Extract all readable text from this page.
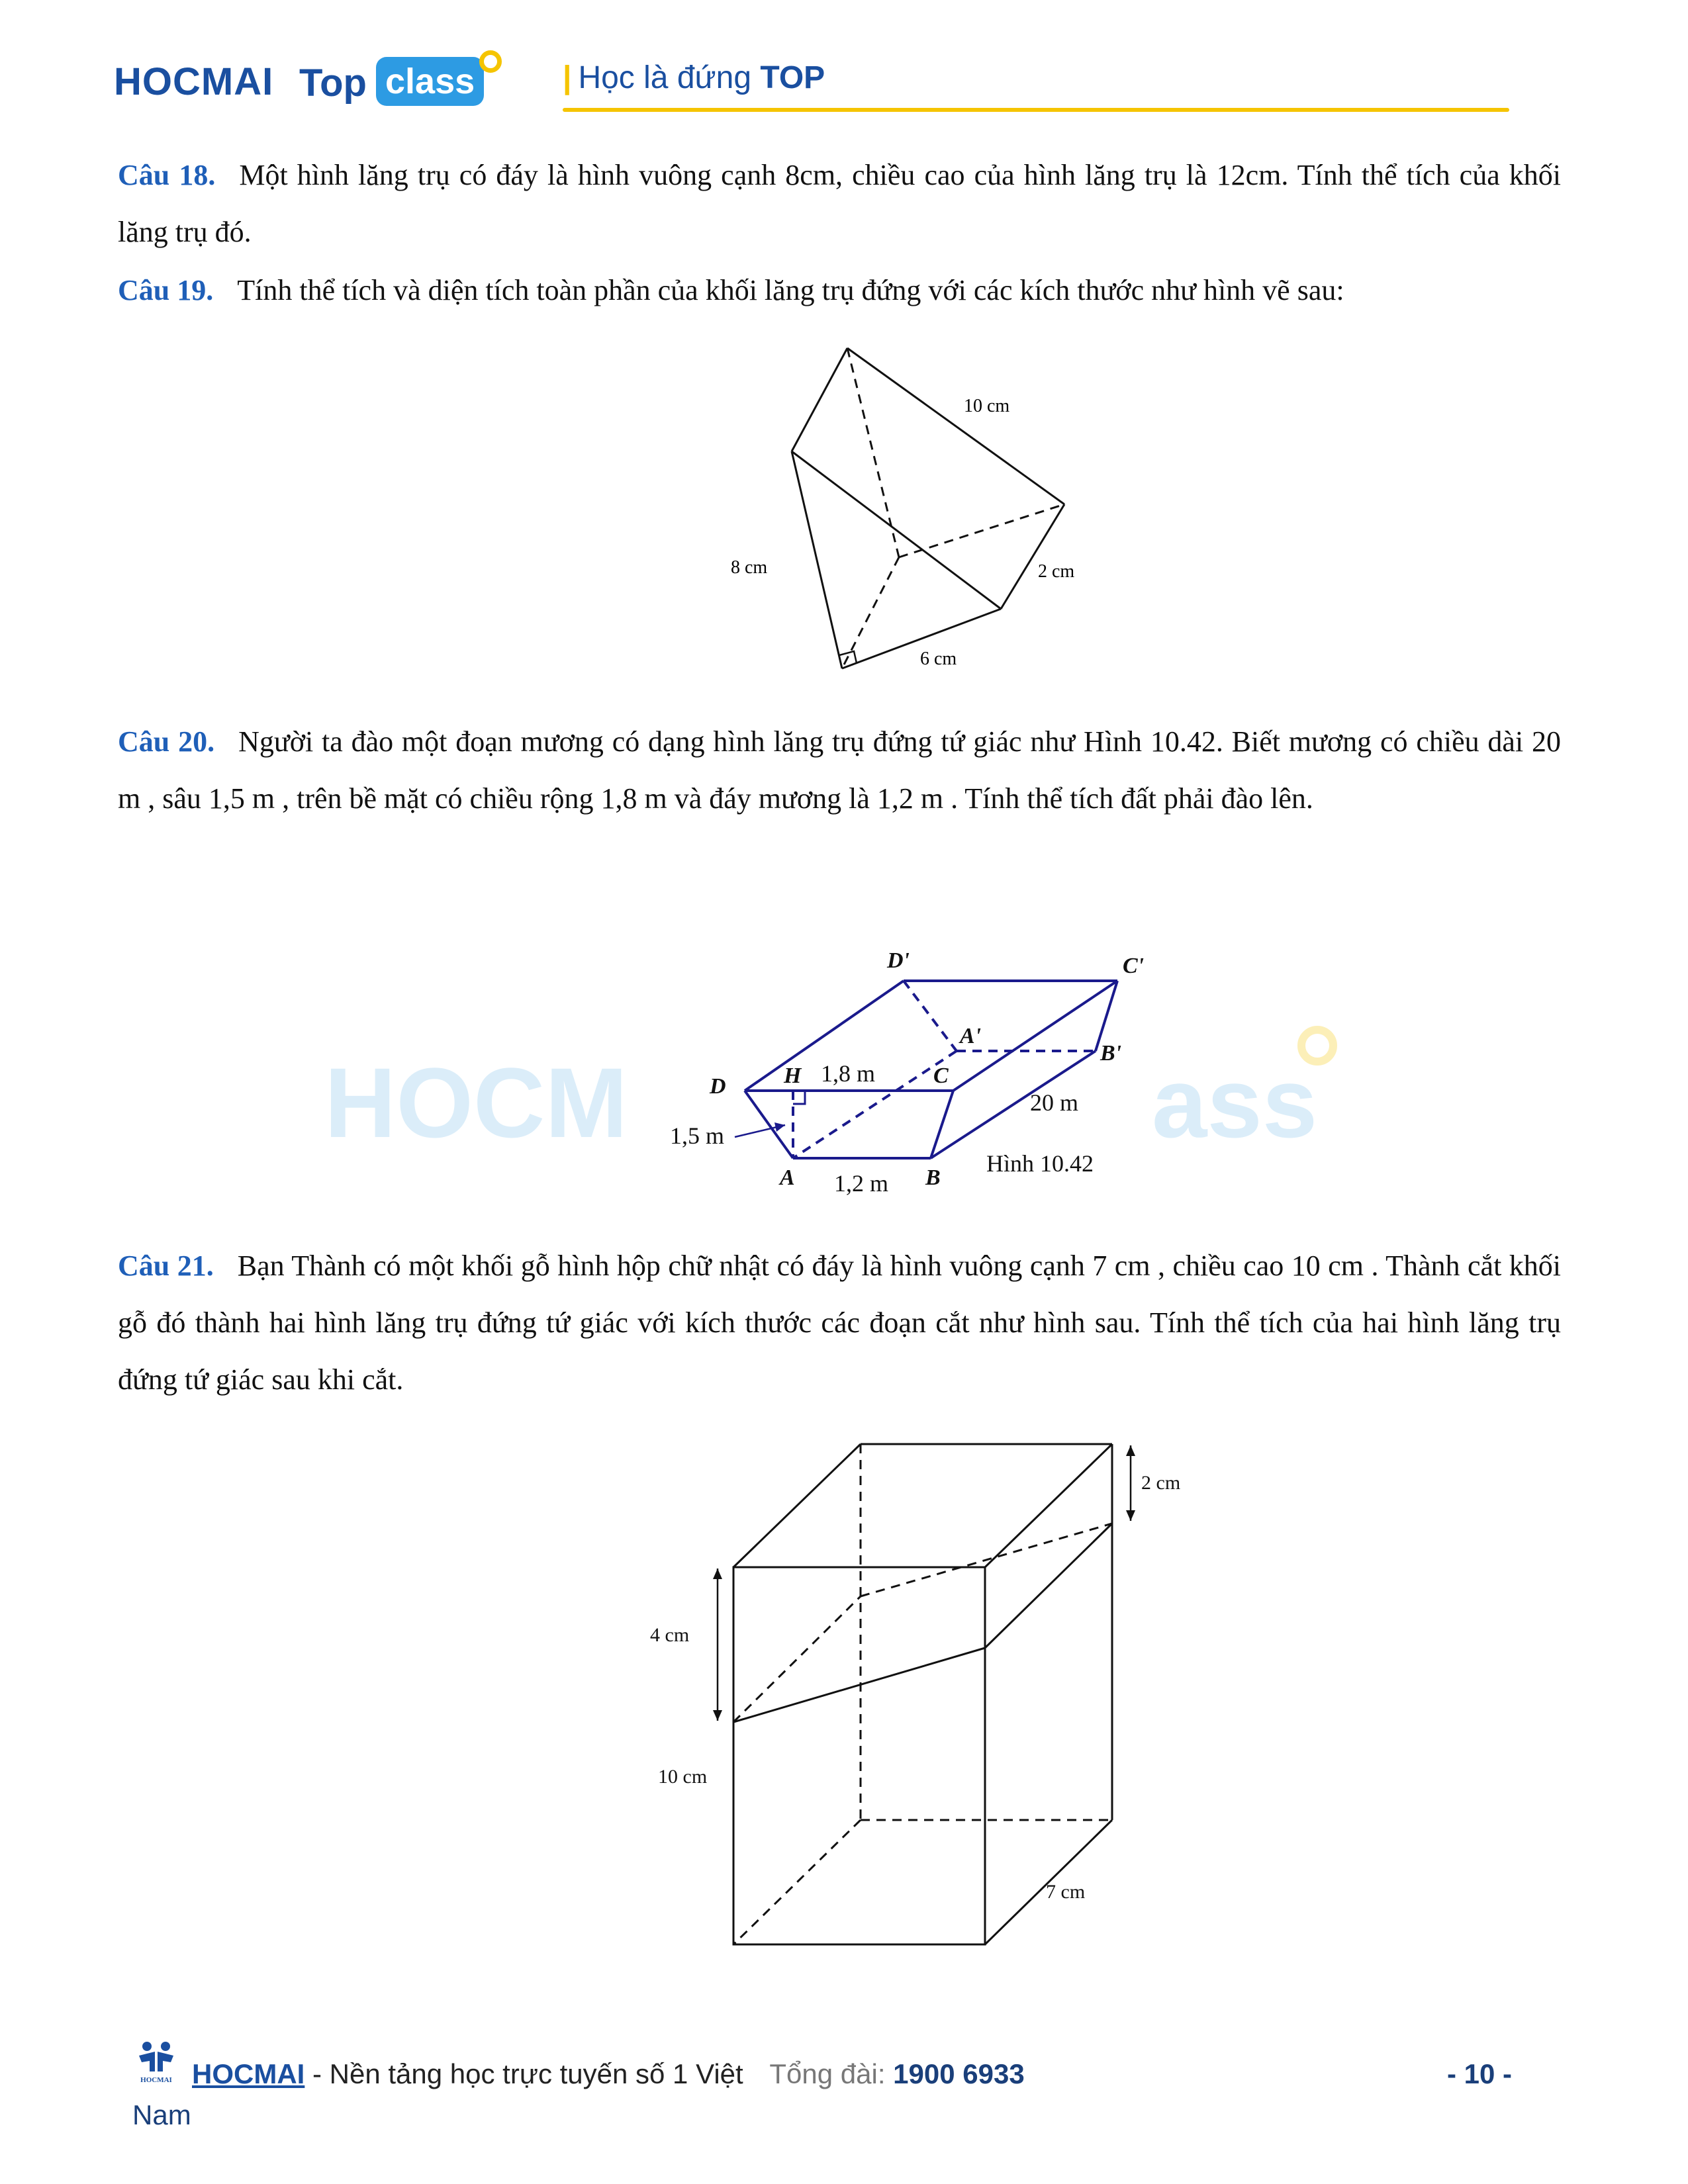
HOCMAI Top class	| Học là đứng TOP
Câu 18. Một hình lăng trụ có đáy là hình vuông cạnh 8cm, chiều cao của hình lăng trụ là 12cm. Tính thể tích của khối lăng trụ đó.
Câu 19. Tính thể tích và diện tích toàn phần của khối lăng trụ đứng với các kích thước như hình vẽ sau:
10 cm
8 cm	2 cm
6 cm
Câu 20. Người ta đào một đoạn mương có dạng hình lăng trụ đứng tứ giác như Hình 10.42. Biết mương có chiều dài 20 m , sâu 1,5 m , trên bề mặt có chiều rộng 1,8 m và đáy mương là 1,2 m . Tính thể tích đất phải đào lên.
HOCM	ass
D'	C'
A'
B'
D	H	C
A	B
1,8 m
1,5 m
20 m
1,2 m
Hình 10.42
Câu 21. Bạn Thành có một khối gỗ hình hộp chữ nhật có đáy là hình vuông cạnh 7 cm , chiều cao 10 cm . Thành cắt khối gỗ đó thành hai hình lăng trụ đứng tứ giác với kích thước các đoạn cắt như hình sau. Tính thể tích của hai hình lăng trụ đứng tứ giác sau khi cắt.
2 cm
4 cm
10 cm
7 cm
HOCMAI HOCMAI - Nền tảng học trực tuyến số 1 Việt Tổng đài: 1900 6933	- 10 -
Nam
